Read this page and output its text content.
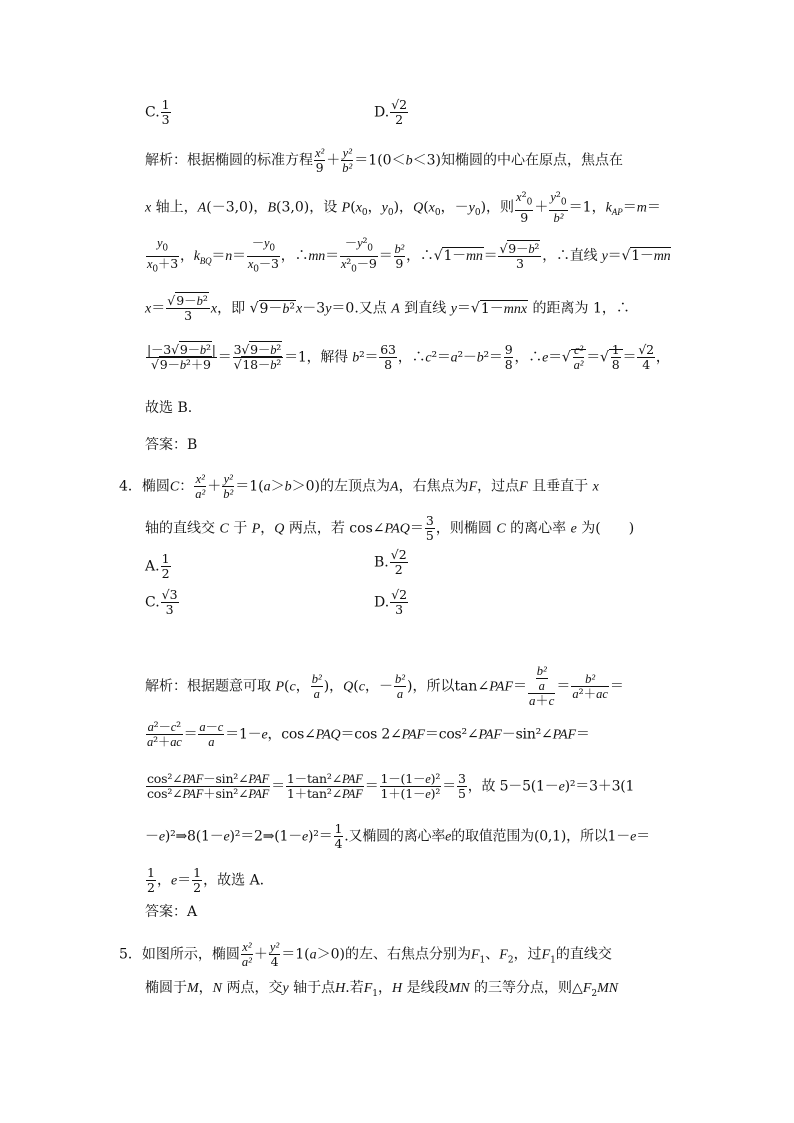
C. $\frac{1}{3}$	D. $\frac{√2}{2}$
解析：根据椭圆的标准方程 $\frac{\text{x²}}{9} + \frac{\text{y²}}{\text{b²}} =1(0<b<3)$知椭圆的中心在原点，焦点在
x 轴上，A(－3,0)，B(3,0)，设 $P(x_0$，$y_0$)，$Q(x_0$，$-y_0$)，则 $\frac{x^2_0}{9} + \frac{y^2_0}{\text{b²}} =1$，$k_{AP}=m=$
$\frac{y_0}{x_0+3}$ ，$k_{BQ}=n= \frac{-y_0}{x_0-3}$ ，∴mn＝ $\frac{-y^2_0}{x^2_0-9} = \frac{\text{b²}}{9}$ ，∴√1－mn＝ $\frac{\text{√9－b²}}{3}$ ，∴直线 y＝√1－mn
$x= \frac{\text{√9－b²}}{3}$ x，即 √9－b²x－3y＝0.又点 A 到直线 y＝√1－mnx 的距离为 1，∴
$\frac{\text{|－3√9－b²|}}{\text{√9－b²＋9}} = \frac{\text{3√9－b²}}{\text{√18－b²}} =1$，解得 $b^2= \frac{63}{8}$ ，∴c²＝a²－b²＝ $\frac{9}{8}$ ，∴e＝√ $\frac{\text{c²}}{\text{a²}}$ ＝√ $\frac{1}{8} = \frac{√2}{4}$ ，
故选 B.
答案：B
4．椭圆C： $\frac{\text{x²}}{\text{a²}} + \frac{\text{y²}}{\text{b²}} =1(a>b>0)$的左顶点为A，右焦点为F，过点F 且垂直于 x
轴的直线交 C 于 P，Q 两点，若 cos∠PAQ＝ $\frac{3}{5}$ ，则椭圆 C 的离心率 e 为(　　)
A. $\frac{1}{2}$	B. $\frac{√2}{2}$
C. $\frac{√3}{3}$	D. $\frac{√2}{3}$
解析：根据题意可取 P(c， $\frac{\text{b²}}{a}$ )，Q(c，－ $\frac{\text{b²}}{a}$ )，所以tan∠PAF＝ $\frac{\frac{\text{b²}}{a}}{a+c} = \frac{\text{b²}}{\text{a²＋ac}}$ ＝
$\frac{\text{a²－c²}}{\text{a²＋ac}} = \frac{a-c}{a} =1-e$，cos∠PAQ＝cos 2∠PAF＝cos²∠PAF－sin²∠PAF＝
$\frac{\text{cos²∠PAF－sin²∠PAF}}{\text{cos²∠PAF＋sin²∠PAF}} = \frac{\text{1－tan²∠PAF}}{\text{1＋tan²∠PAF}} = \frac{\text{1－(1－e)²}}{\text{1＋(1－e)²}} = \frac{3}{5}$ ，故 5－5(1－e)²＝3＋3(1
－e)²⇒8(1－e)²＝2⇒(1－e)²＝ $\frac{1}{4}$ .又椭圆的离心率e的取值范围为(0,1)，所以1－e＝
$\frac{1}{2}$ ，$e= \frac{1}{2}$ ，故选 A.
答案：A
5．如图所示，椭圆 $\frac{\text{x²}}{\text{a²}} + \frac{\text{y²}}{4} =1(a>0)$的左、右焦点分别为$F_1$、$F_2$，过$F_1$的直线交
椭圆于M，N 两点，交y 轴于点H.若$F_1$，H 是线段MN 的三等分点，则$\triangle F_2MN$
